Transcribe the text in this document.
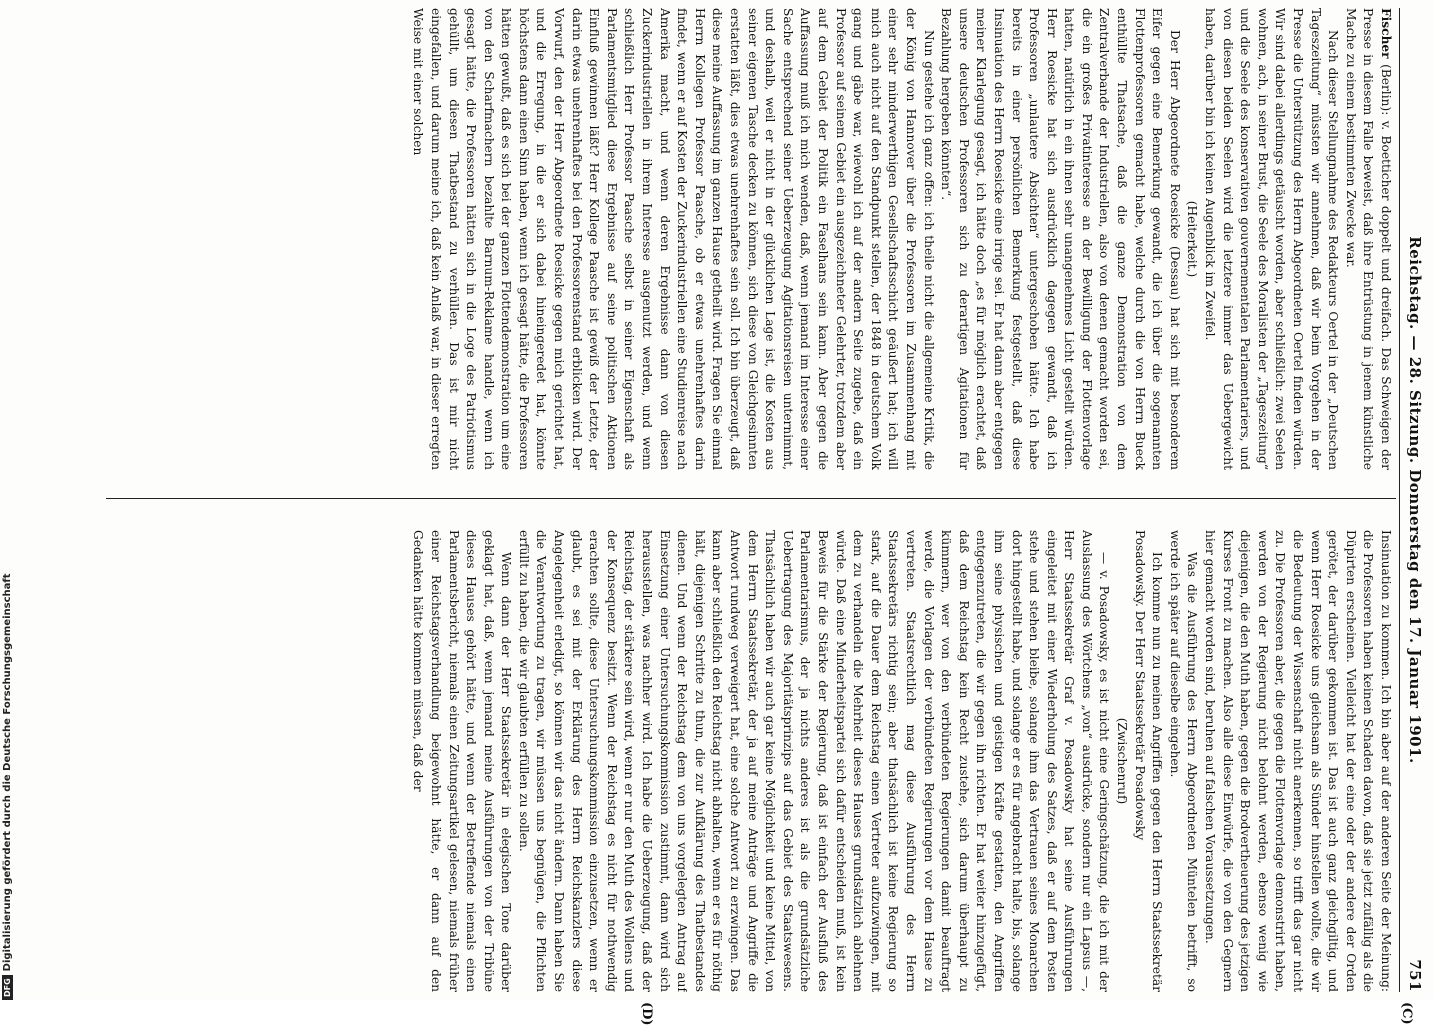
Reichstag. — 28. Sitzung. Donnerstag den 17. Januar 1901.
751
(C)
(D)

Fischer (Berlin): v. Boetticher doppelt und dreifach. Das Schweigen der Presse in diesem Falle beweist, daß ihre Entrüstung in jenem künstliche Mache zu einem bestimmten Zwecke war.

Nach dieser Stellungnahme des Redakteurs Oertel in der „Deutschen Tageszeitung“ müssten wir annehmen, daß wir beim Vorgehen in der Presse die Unterstützung des Herrn Abgeordneten Oertel finden würden. Wir sind dabei allerdings getäuscht worden, aber schließlich: zwei Seelen wohnen, ach, in seiner Brust, die Seele des Moralisten der „Tageszeitung“ und die Seele des konservativen gouvernementalen Parlamentariers, und von diesen beiden Seelen wird die letztere immer das Uebergewicht haben, darüber bin ich keinen Augenblick im Zweifel.

(Heiterkeit.)

Der Herr Abgeordnete Roesicke (Dessau) hat sich mit besonderem Eifer gegen eine Bemerkung gewandt, die ich über die sogenannten Flottenprofessoren gemacht habe, welche durch die von Herrn Bueck enthüllte Thatsache, daß die ganze Demonstration von dem Zentralverbande der Industriellen, also von denen gemacht worden sei, die ein großes Privatinteresse an der Bewilligung der Flottenvorlage hatten, natürlich in ein ihnen sehr unangenehmes Licht gestellt würden. Herr Roesicke hat sich ausdrücklich dagegen gewandt, daß ich Professoren „unlautere Absichten“ untergeschoben hätte. Ich habe bereits in einer persönlichen Bemerkung festgestellt, daß diese Insinuation des Herrn Roesicke eine irrige sei. Er hat dann aber entgegen meiner Klarlegung gesagt, ich hätte doch „es für möglich erachtet, daß unsere deutschen Professoren sich zu derartigen Agitationen für Bezahlung hergeben könnten“.

Nun gestehe ich ganz offen: ich theile nicht die allgemeine Kritik, die der König von Hannover über die Professoren im Zusammenhang mit einer sehr minderwerthigen Gesellschaftsschicht geäußert hat; ich will mich auch nicht auf den Standpunkt stellen, der 1848 in deutschem Volk gang und gäbe war, wiewohl ich auf der andern Seite zugebe, daß ein Professor auf seinem Gebiet ein ausgezeichneter Gelehrter, trotzdem aber auf dem Gebiet der Politik ein Faselhans sein kann. Aber gegen die Auffassung muß ich mich wenden, daß, wenn jemand im Interesse einer Sache entsprechend seiner Ueberzeugung Agitationsreisen unternimmt, und deshalb, weil er nicht in der glücklichen Lage ist, die Kosten aus seiner eigenen Tasche decken zu können, sich diese von Gleichgesinnten erstatten läßt, dies etwas unehrenhaftes sein soll. Ich bin überzeugt, daß diese meine Auffassung im ganzen Hause getheilt wird. Fragen Sie einmal Herrn Kollegen Professor Paasche, ob er etwas unehrenhaftes darin findet, wenn er auf Kosten der Zuckerindustriellen eine Studienreise nach Amerika macht, und wenn deren Ergebnisse dann von diesen Zuckerindustriellen in ihrem Interesse ausgenutzt werden, und wenn schließlich Herr Professor Paasche selbst in seiner Eigenschaft als Parlamentsmitglied diese Ergebnisse auf seine politischen Aktionen Einfluß gewinnen läßt? Herr Kollege Paasche ist gewiß der Letzte, der darin etwas unehrenhaftes bei den Professorenstand erblicken wird. Der Vorwurf, den der Herr Abgeordnete Roesicke gegen mich gerichtet hat, und die Erregung, in die er sich dabei hineingeredet hat, könnte höchstens dann einen Sinn haben, wenn ich gesagt hätte, die Professoren hätten gewußt, daß es sich bei der ganzen Flottendemonstration um eine von den Scharfmachern bezahlte Barnum-Reklame handle, wenn ich gesagt hätte, die Professoren hätten sich in die Loge des Patriotismus gehüllt, um diesen Thatbestand zu verhüllen. Das ist mir nicht eingefallen, und darum meine ich, daß kein Anlaß war, in dieser erregten Weise mit einer solchen

Insinuation zu kommen. Ich bin aber auf der anderen Seite der Meinung: die Professoren haben keinen Schaden davon, daß sie jetzt zufällig als die Düpirten erscheinen. Vielleicht hat der eine oder der andere der Orden gerötet, der darüber gekommen ist. Das ist auch ganz gleichgiltig, und wenn Herr Roesicke uns gleichsam als Sünder hinstellen wollte, die wir die Bedeutung der Wissenschaft nicht anerkennen, so trifft das gar nicht zu. Die Professoren aber, die gegen die Flottenvorlage demonstrirt haben, werden von der Regierung nicht belohnt werden, ebenso wenig wie diejenigen, die den Muth haben, gegen die Brodvertheuerung des jetzigen Kurses Front zu machen. Also alle diese Einwürfe, die von den Gegnern hier gemacht worden sind, beruhen auf falschen Voraussetzungen.

Was die Ausführung des Herrn Abgeordneten Müntelen betrifft, so werde ich später auf dieselbe eingehen.

Ich komme nun zu meinen Angriffen gegen den Herrn Staatssekretär Posadowsky. Der Herr Staatssekretär Posadowsky

(Zwischenruf)

— v. Posadowsky, es ist nicht eine Geringschätzung, die ich mit der Auslassung des Wörtchens „von“ ausdrücke, sondern nur ein Lapsus —, Herr Staatssekretär Graf v. Posadowsky hat seine Ausführungen eingeleitet mit einer Wiederholung des Satzes, daß er auf dem Posten stehe und stehen bleibe, solange ihm das Vertrauen seines Monarchen dort hingestellt habe, und solange er es für angebracht halte, bis, solange ihm seine physischen und geistigen Kräfte gestatten, den Angriffen entgegenzutreten, die wir gegen ihn richten. Er hat weiter hinzugefügt, daß dem Reichstag kein Recht zustehe, sich darum überhaupt zu kümmern, wer von den verbündeten Regierungen damit beauftragt werde, die Vorlagen der verbündeten Regierungen vor dem Hause zu vertreten. Staatsrechtlich mag diese Ausführung des Herrn Staatssekretärs richtig sein; aber thatsächlich ist keine Regierung so stark, auf die Dauer dem Reichstag einen Vertreter aufzuzwingen, mit dem zu verhandeln die Mehrheit dieses Hauses grundsätzlich ablehnen würde. Daß eine Minderheitspartei sich dafür entscheiden muß, ist kein Beweis für die Stärke der Regierung, daß ist einfach der Ausfluß des Parlamentarismus, der ja nichts anderes ist als die grundsätzliche Uebertragung des Majoritätsprinzips auf das Gebiet des Staatswesens. Thatsächlich haben wir auch gar keine Möglichkeit und keine Mittel, von dem Herrn Staatssekretär, der ja auf meine Anträge und Angriffe die Antwort rundweg verweigert hat, eine solche Antwort zu erzwingen. Das kann aber schließlich den Reichstag nicht abhalten, wenn er es für nöthig hält, diejenigen Schritte zu thun, die zur Aufklärung des Thatbestandes dienen. Und wenn der Reichstag dem von uns vorgelegten Antrag auf Einsetzung einer Untersuchungskommission zustimmt, dann wird sich herausstellen, was nachher wird. Ich habe die Ueberzeugung, daß der Reichstag, der stärkere sein wird, wenn er nur den Muth des Wollens und der Konsequenz besitzt. Wenn der Reichstag es nicht für nothwendig erachten sollte, diese Untersuchungskommission einzusetzen, wenn er glaubt, es sei mit der Erklärung des Herrn Reichskanzlers diese Angelegenheit erledigt, so können wir das nicht ändern. Dann haben Sie die Verantwortung zu tragen, wir müssen uns begnügen, die Pflichten erfüllt zu haben, die wir glaubten erfüllen zu sollen.

Wenn dann der Herr Staatssekretär in elegischen Tone darüber geklagt hat, daß, wenn jemand meine Ausführungen von der Tribüne dieses Hauses gehört hätte, und wenn der Betreffende niemals einen Parlamentsbericht, niemals einen Zeitungsartikel gelesen, niemals früher einer Reichstagsverhandlung beigewohnt hätte, er dann auf den Gedanken hätte kommen müssen, daß der

DFGDigitalisierung gefördert durch die Deutsche Forschungsgemeinschaft
